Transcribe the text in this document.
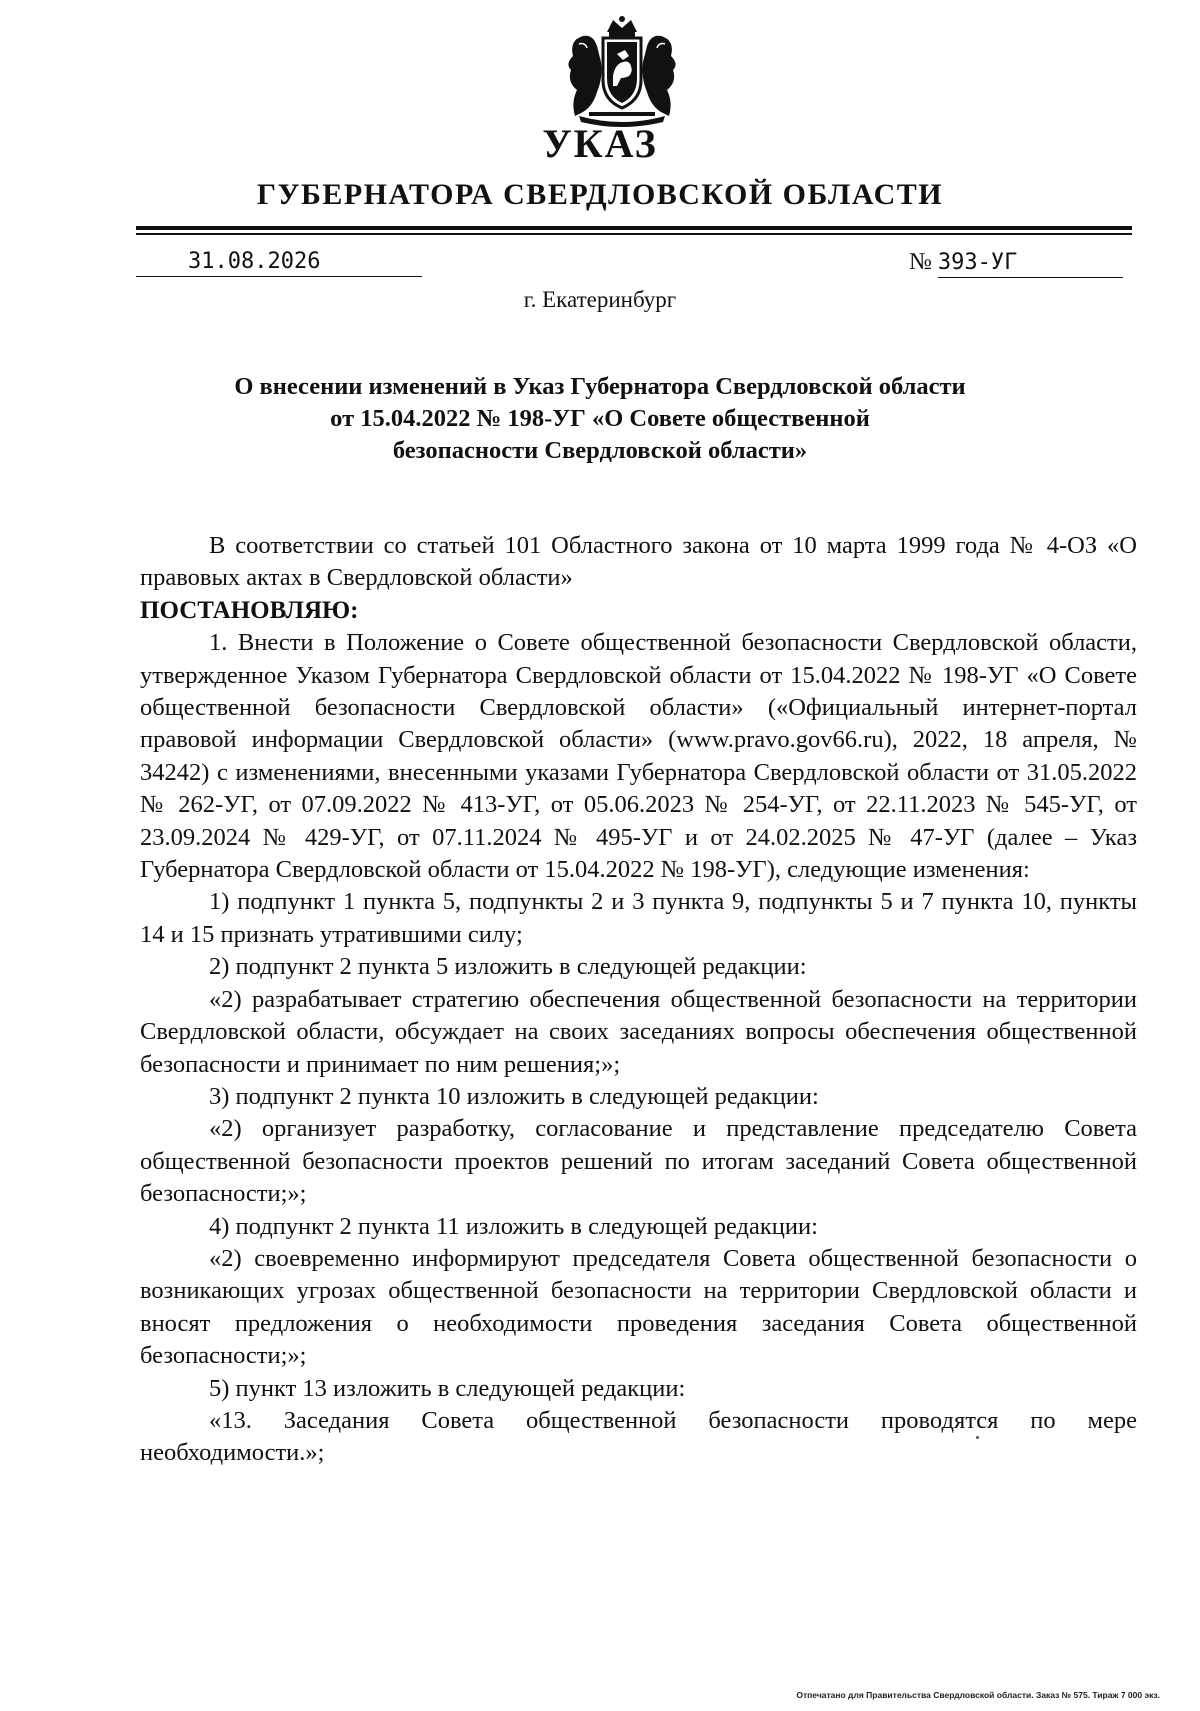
УКАЗ
ГУБЕРНАТОРА СВЕРДЛОВСКОЙ ОБЛАСТИ
31.08.2026	№ 393-УГ
г. Екатеринбург
О внесении изменений в Указ Губернатора Свердловской области
от 15.04.2022 № 198-УГ «О Совете общественной
безопасности Свердловской области»

В соответствии со статьей 101 Областного закона от 10 марта 1999 года № 4-ОЗ «О правовых актах в Свердловской области»

ПОСТАНОВЛЯЮ:

1. Внести в Положение о Совете общественной безопасности Свердловской области, утвержденное Указом Губернатора Свердловской области от 15.04.2022 № 198-УГ «О Совете общественной безопасности Свердловской области» («Официальный интернет-портал правовой информации Свердловской области» (www.pravo.gov66.ru), 2022, 18 апреля, № 34242) с изменениями, внесенными указами Губернатора Свердловской области от 31.05.2022 № 262-УГ, от 07.09.2022 № 413-УГ, от 05.06.2023 № 254-УГ, от 22.11.2023 № 545-УГ, от 23.09.2024 № 429-УГ, от 07.11.2024 № 495-УГ и от 24.02.2025 № 47-УГ (далее – Указ Губернатора Свердловской области от 15.04.2022 № 198-УГ), следующие изменения:

1) подпункт 1 пункта 5, подпункты 2 и 3 пункта 9, подпункты 5 и 7 пункта 10, пункты 14 и 15 признать утратившими силу;

2) подпункт 2 пункта 5 изложить в следующей редакции:

«2) разрабатывает стратегию обеспечения общественной безопасности на территории Свердловской области, обсуждает на своих заседаниях вопросы обеспечения общественной безопасности и принимает по ним решения;»;

3) подпункт 2 пункта 10 изложить в следующей редакции:

«2) организует разработку, согласование и представление председателю Совета общественной безопасности проектов решений по итогам заседаний Совета общественной безопасности;»;

4) подпункт 2 пункта 11 изложить в следующей редакции:

«2) своевременно информируют председателя Совета общественной безопасности о возникающих угрозах общественной безопасности на территории Свердловской области и вносят предложения о необходимости проведения заседания Совета общественной безопасности;»;

5) пункт 13 изложить в следующей редакции:

«13. Заседания Совета общественной безопасности проводятся по мере необходимости.»;

Отпечатано для Правительства Свердловской области. Заказ № 575. Тираж 7 000 экз.
